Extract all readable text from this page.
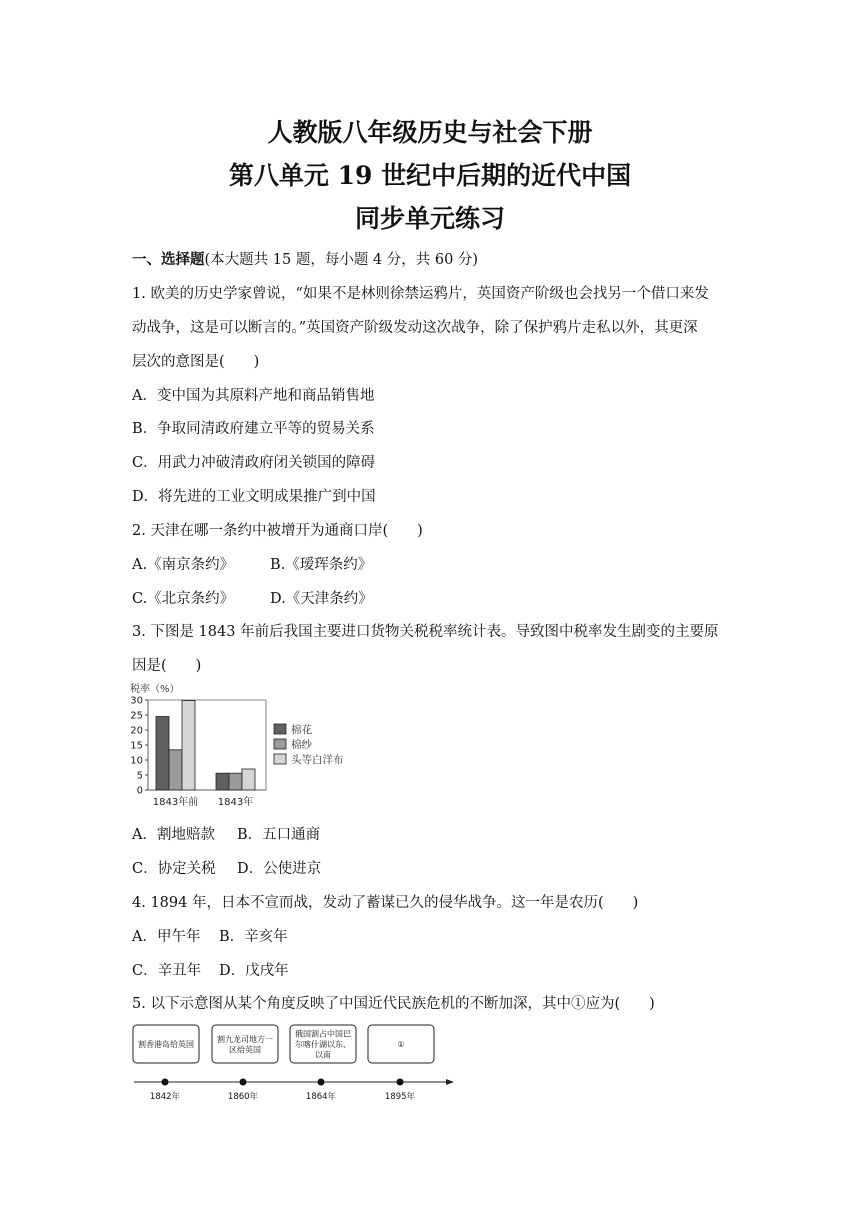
人教版八年级历史与社会下册
第八单元 19 世纪中后期的近代中国
同步单元练习
一、选择题(本大题共 15 题，每小题 4 分，共 60 分)
1. 欧美的历史学家曾说，“如果不是林则徐禁运鸦片，英国资产阶级也会找另一个借口来发
动战争，这是可以断言的。”英国资产阶级发动这次战争，除了保护鸦片走私以外，其更深
层次的意图是(　　)
A．变中国为其原料产地和商品销售地
B．争取同清政府建立平等的贸易关系
C．用武力冲破清政府闭关锁国的障碍
D．将先进的工业文明成果推广到中国
2. 天津在哪一条约中被增开为通商口岸(　　)
A.《南京条约》 B.《瑷珲条约》
C.《北京条约》 D.《天津条约》
3. 下图是 1843 年前后我国主要进口货物关税税率统计表。导致图中税率发生剧变的主要原
因是(　　)
税率（%）
0
5
10
15
20
25
30
1843年前 1843年
棉花
棉纱
头等白洋布
A．割地赔款 B．五口通商
C．协定关税 D．公使进京
4. 1894 年，日本不宣而战，发动了蓄谋已久的侵华战争。这一年是农历(　　)
A．甲午年 B．辛亥年
C．辛丑年 D．戊戌年
5. 以下示意图从某个角度反映了中国近代民族危机的不断加深，其中①应为(　　)
割香港岛给英国
割九龙司地方一
区给英国
俄国割占中国巴
尔喀什湖以东、
以南
①
1842年	1860年	1864年	1895年
